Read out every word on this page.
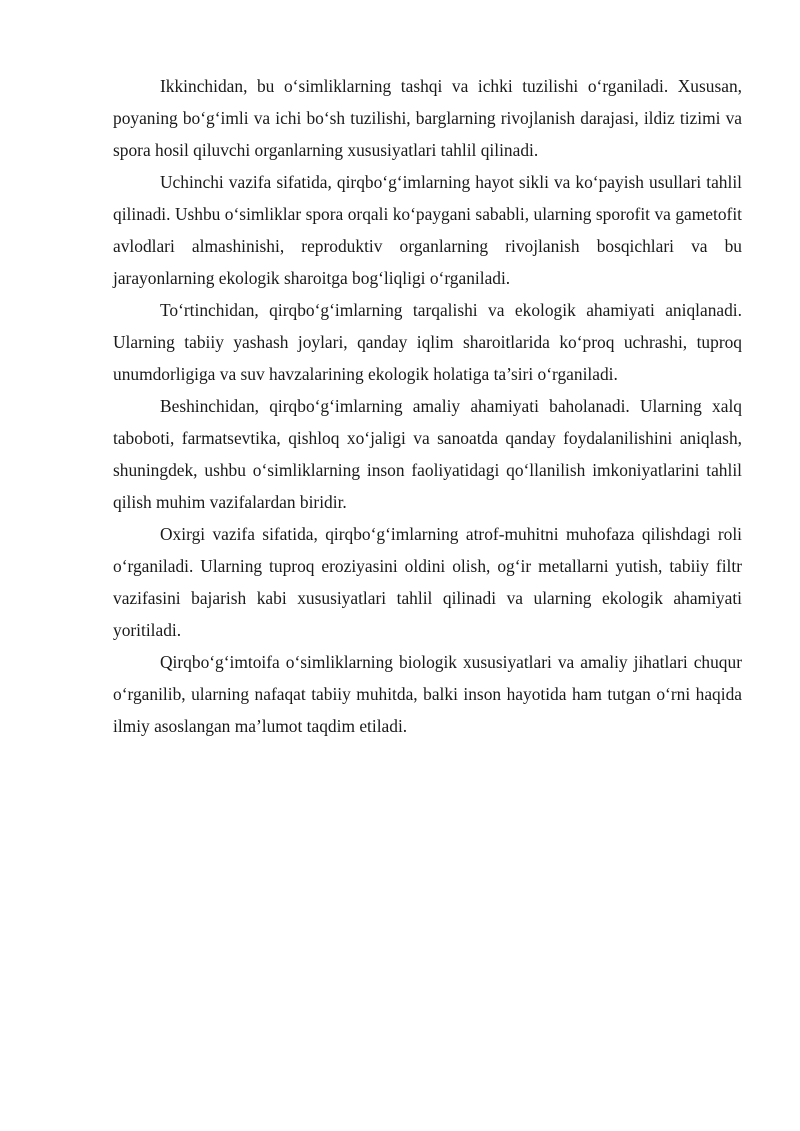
Ikkinchidan, bu o‘simliklarning tashqi va ichki tuzilishi o‘rganiladi. Xususan, poyaning bo‘g‘imli va ichi bo‘sh tuzilishi, barglarning rivojlanish darajasi, ildiz tizimi va spora hosil qiluvchi organlarning xususiyatlari tahlil qilinadi.

Uchinchi vazifa sifatida, qirqbo‘g‘imlarning hayot sikli va ko‘payish usullari tahlil qilinadi. Ushbu o‘simliklar spora orqali ko‘paygani sababli, ularning sporofit va gametofit avlodlari almashinishi, reproduktiv organlarning rivojlanish bosqichlari va bu jarayonlarning ekologik sharoitga bog‘liqligi o‘rganiladi.

To‘rtinchidan, qirqbo‘g‘imlarning tarqalishi va ekologik ahamiyati aniqlanadi. Ularning tabiiy yashash joylari, qanday iqlim sharoitlarida ko‘proq uchrashi, tuproq unumdorligiga va suv havzalarining ekologik holatiga ta’siri o‘rganiladi.

Beshinchidan, qirqbo‘g‘imlarning amaliy ahamiyati baholanadi. Ularning xalq taboboti, farmatsevtika, qishloq xo‘jaligi va sanoatda qanday foydalanilishini aniqlash, shuningdek, ushbu o‘simliklarning inson faoliyatidagi qo‘llanilish imkoniyatlarini tahlil qilish muhim vazifalardan biridir.

Oxirgi vazifa sifatida, qirqbo‘g‘imlarning atrof-muhitni muhofaza qilishdagi roli o‘rganiladi. Ularning tuproq eroziyasini oldini olish, og‘ir metallarni yutish, tabiiy filtr vazifasini bajarish kabi xususiyatlari tahlil qilinadi va ularning ekologik ahamiyati yoritiladi.

Qirqbo‘g‘imtoifa o‘simliklarning biologik xususiyatlari va amaliy jihatlari chuqur o‘rganilib, ularning nafaqat tabiiy muhitda, balki inson hayotida ham tutgan o‘rni haqida ilmiy asoslangan ma’lumot taqdim etiladi.
